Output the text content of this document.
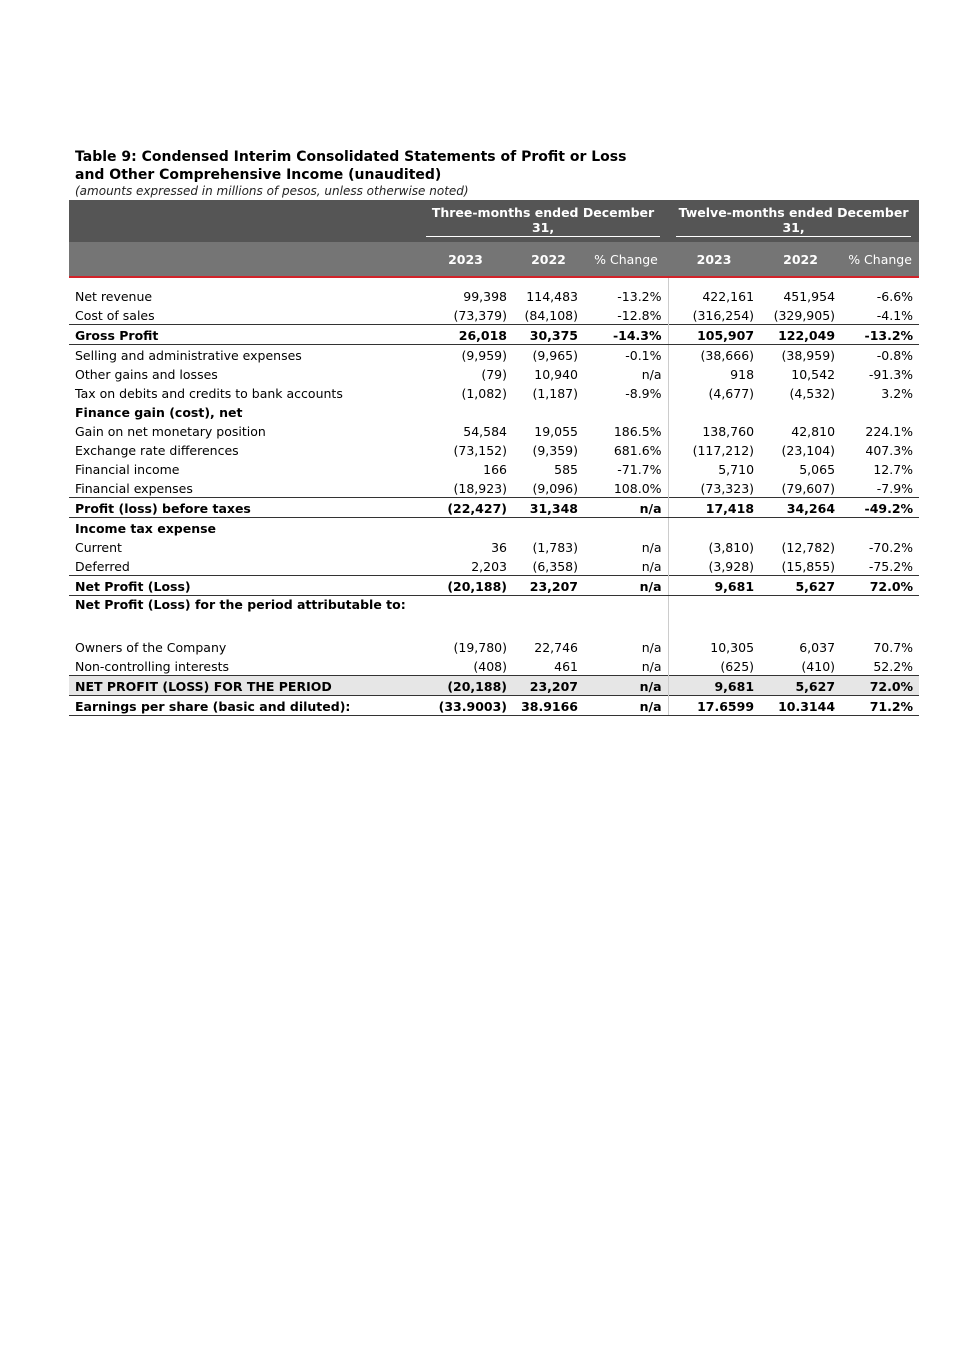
Table 9: Condensed Interim Consolidated Statements of Profit or Loss

and Other Comprehensive Income (unaudited)

(amounts expressed in millions of pesos, unless otherwise noted)

	Three-months ended December 31,			Twelve-months ended December 31,		

	2023	2022	% Change	2023	2022	% Change
Net revenue	99,398	114,483	-13.2%	422,161	451,954	-6.6%
Cost of sales	(73,379)	(84,108)	-12.8%	(316,254)	(329,905)	-4.1%
Gross Profit	26,018	30,375	-14.3%	105,907	122,049	-13.2%
Selling and administrative expenses	(9,959)	(9,965)	-0.1%	(38,666)	(38,959)	-0.8%
Other gains and losses	(79)	10,940	n/a	918	10,542	-91.3%
Tax on debits and credits to bank accounts	(1,082)	(1,187)	-8.9%	(4,677)	(4,532)	3.2%
Finance gain (cost), net						
Gain on net monetary position	54,584	19,055	186.5%	138,760	42,810	224.1%
Exchange rate differences	(73,152)	(9,359)	681.6%	(117,212)	(23,104)	407.3%
Financial income	166	585	-71.7%	5,710	5,065	12.7%
Financial expenses	(18,923)	(9,096)	108.0%	(73,323)	(79,607)	-7.9%
Profit (loss) before taxes	(22,427)	31,348	n/a	17,418	34,264	-49.2%
Income tax expense						
Current	36	(1,783)	n/a	(3,810)	(12,782)	-70.2%
Deferred	2,203	(6,358)	n/a	(3,928)	(15,855)	-75.2%
Net Profit (Loss)	(20,188)	23,207	n/a	9,681	5,627	72.0%
Net Profit (Loss) for the period attributable to:						
Owners of the Company	(19,780)	22,746	n/a	10,305	6,037	70.7%
Non-controlling interests	(408)	461	n/a	(625)	(410)	52.2%
NET PROFIT (LOSS) FOR THE PERIOD	(20,188)	23,207	n/a	9,681	5,627	72.0%
Earnings per share (basic and diluted):	(33.9003)	38.9166	n/a	17.6599	10.3144	71.2%
